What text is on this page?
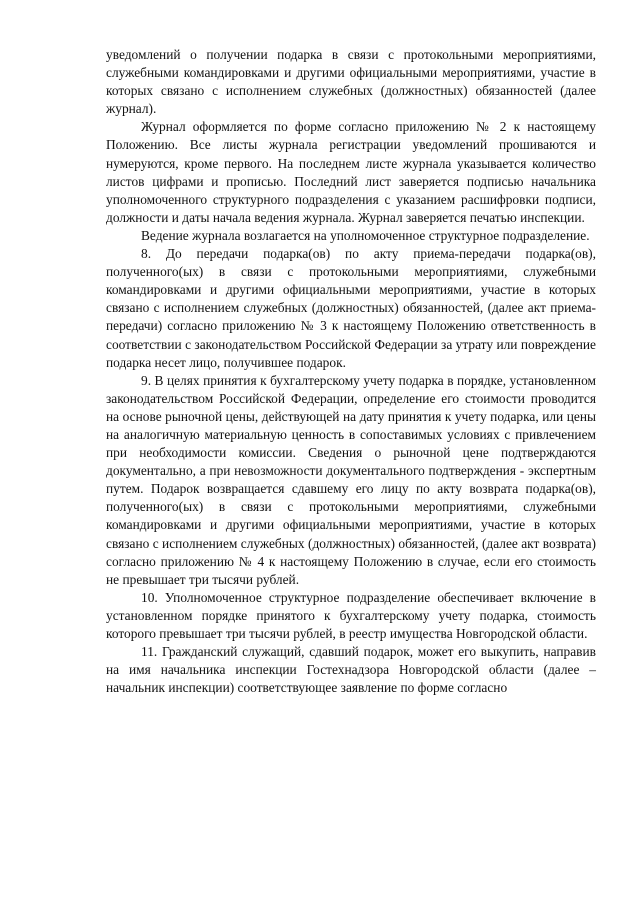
уведомлений о получении подарка в связи с протокольными мероприятиями, служебными командировками и другими официальными мероприятиями, участие в которых связано с исполнением служебных (должностных) обязанностей (далее журнал).

Журнал оформляется по форме согласно приложению № 2 к настоящему Положению. Все листы журнала регистрации уведомлений прошиваются и нумеруются, кроме первого. На последнем листе журнала указывается количество листов цифрами и прописью. Последний лист заверяется подписью начальника уполномоченного структурного подразделения с указанием расшифровки подписи, должности и даты начала ведения журнала. Журнал заверяется печатью инспекции.

Ведение журнала возлагается на уполномоченное структурное подразделение.

8. До передачи подарка(ов) по акту приема-передачи подарка(ов), полученного(ых) в связи с протокольными мероприятиями, служебными командировками и другими официальными мероприятиями, участие в которых связано с исполнением служебных (должностных) обязанностей, (далее акт приема-передачи) согласно приложению № 3 к настоящему Положению ответственность в соответствии с законодательством Российской Федерации за утрату или повреждение подарка несет лицо, получившее подарок.

9. В целях принятия к бухгалтерскому учету подарка в порядке, установленном законодательством Российской Федерации, определение его стоимости проводится на основе рыночной цены, действующей на дату принятия к учету подарка, или цены на аналогичную материальную ценность в сопоставимых условиях с привлечением при необходимости комиссии. Сведения о рыночной цене подтверждаются документально, а при невозможности документального подтверждения - экспертным путем. Подарок возвращается сдавшему его лицу по акту возврата подарка(ов), полученного(ых) в связи с протокольными мероприятиями, служебными командировками и другими официальными мероприятиями, участие в которых связано с исполнением служебных (должностных) обязанностей, (далее акт возврата) согласно приложению № 4 к настоящему Положению в случае, если его стоимость не превышает три тысячи рублей.

10. Уполномоченное структурное подразделение обеспечивает включение в установленном порядке принятого к бухгалтерскому учету подарка, стоимость которого превышает три тысячи рублей, в реестр имущества Новгородской области.

11. Гражданский служащий, сдавший подарок, может его выкупить, направив на имя начальника инспекции Гостехнадзора Новгородской области (далее – начальник инспекции) соответствующее заявление по форме согласно
